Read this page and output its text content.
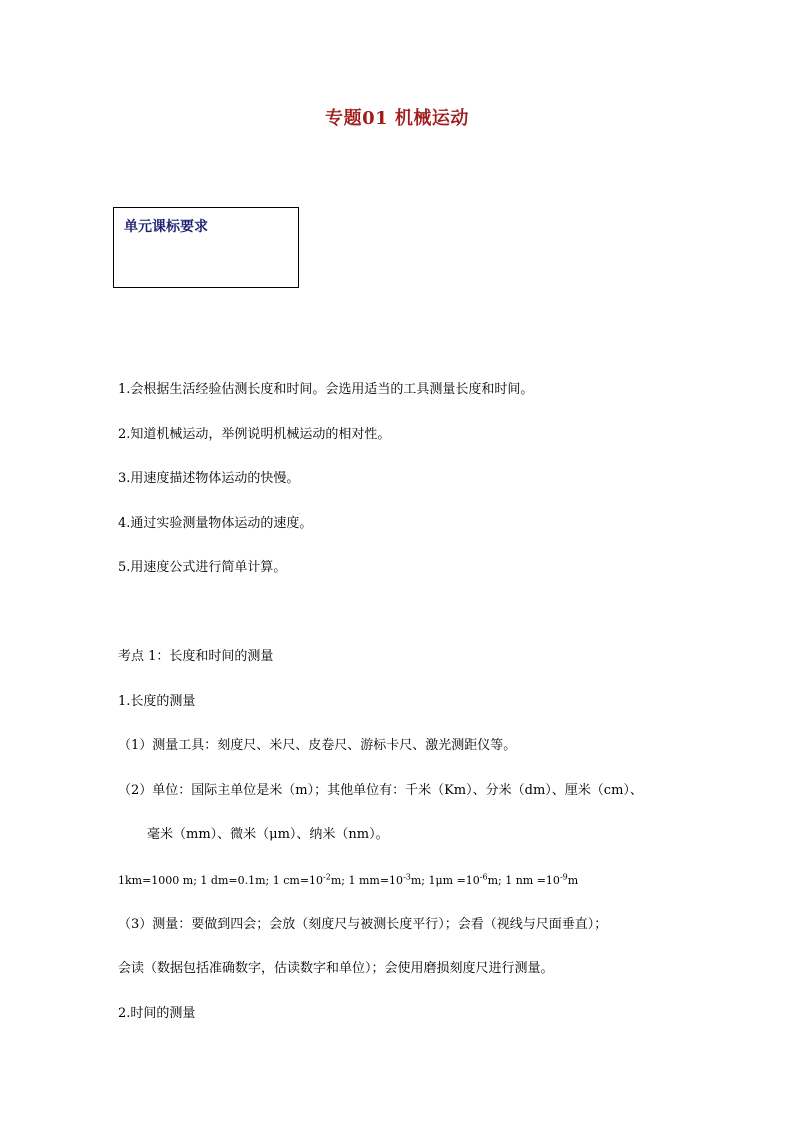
专题01 机械运动
单元课标要求
1.会根据生活经验估测长度和时间。会选用适当的工具测量长度和时间。
2.知道机械运动，举例说明机械运动的相对性。
3.用速度描述物体运动的快慢。
4.通过实验测量物体运动的速度。
5.用速度公式进行简单计算。
考点 1：长度和时间的测量
1.长度的测量
（1）测量工具：刻度尺、米尺、皮卷尺、游标卡尺、激光测距仪等。
（2）单位：国际主单位是米（m）；其他单位有：千米（Km）、分米（dm）、厘米（cm）、
毫米（mm）、微米（μm）、纳米（nm）。
1km=1000 m; 1 dm=0.1m; 1 $cm=10^{-2}m$; 1 $mm=10^{-3}m$; $1\mu m =10^{-6}m$; 1 nm $=10^{-9}m$
（3）测量：要做到四会；会放（刻度尺与被测长度平行）；会看（视线与尺面垂直）；
会读（数据包括准确数字，估读数字和单位）；会使用磨损刻度尺进行测量。
2.时间的测量
